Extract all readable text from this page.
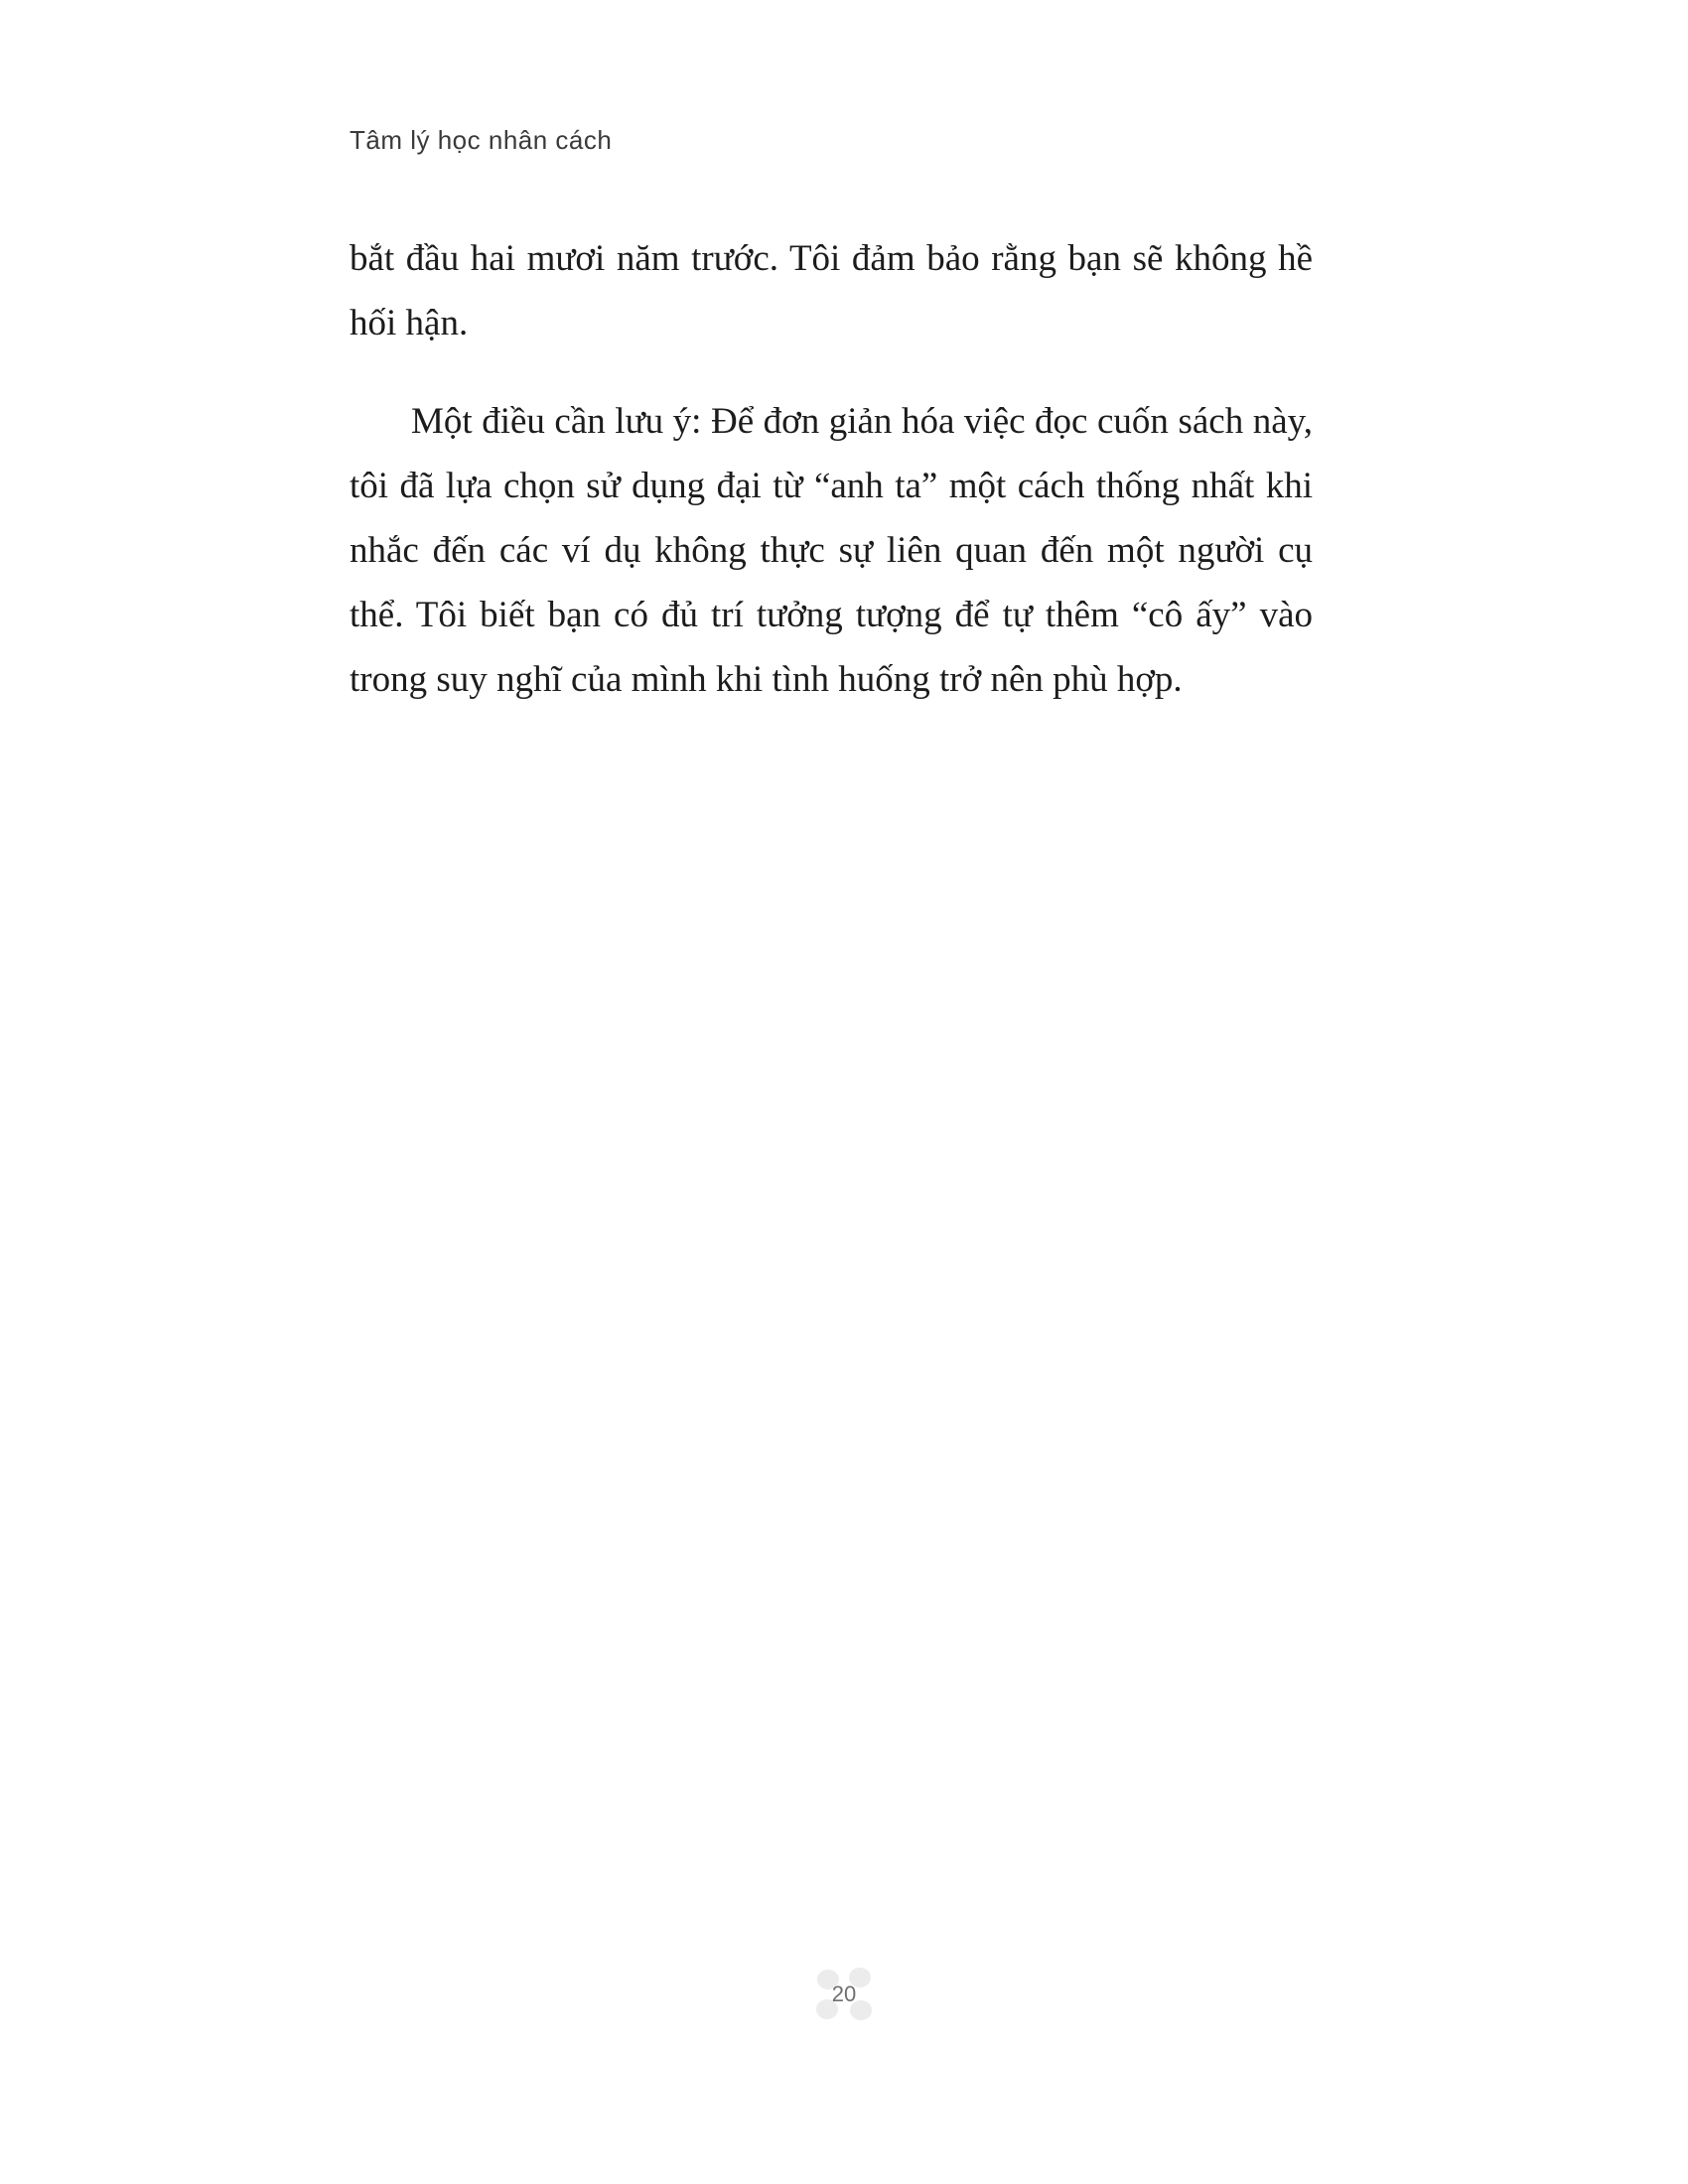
Tâm lý học nhân cách

bắt đầu hai mươi năm trước. Tôi đảm bảo rằng bạn sẽ không hề hối hận.

Một điều cần lưu ý: Để đơn giản hóa việc đọc cuốn sách này, tôi đã lựa chọn sử dụng đại từ “anh ta” một cách thống nhất khi nhắc đến các ví dụ không thực sự liên quan đến một người cụ thể. Tôi biết bạn có đủ trí tưởng tượng để tự thêm “cô ấy” vào trong suy nghĩ của mình khi tình huống trở nên phù hợp.

20
